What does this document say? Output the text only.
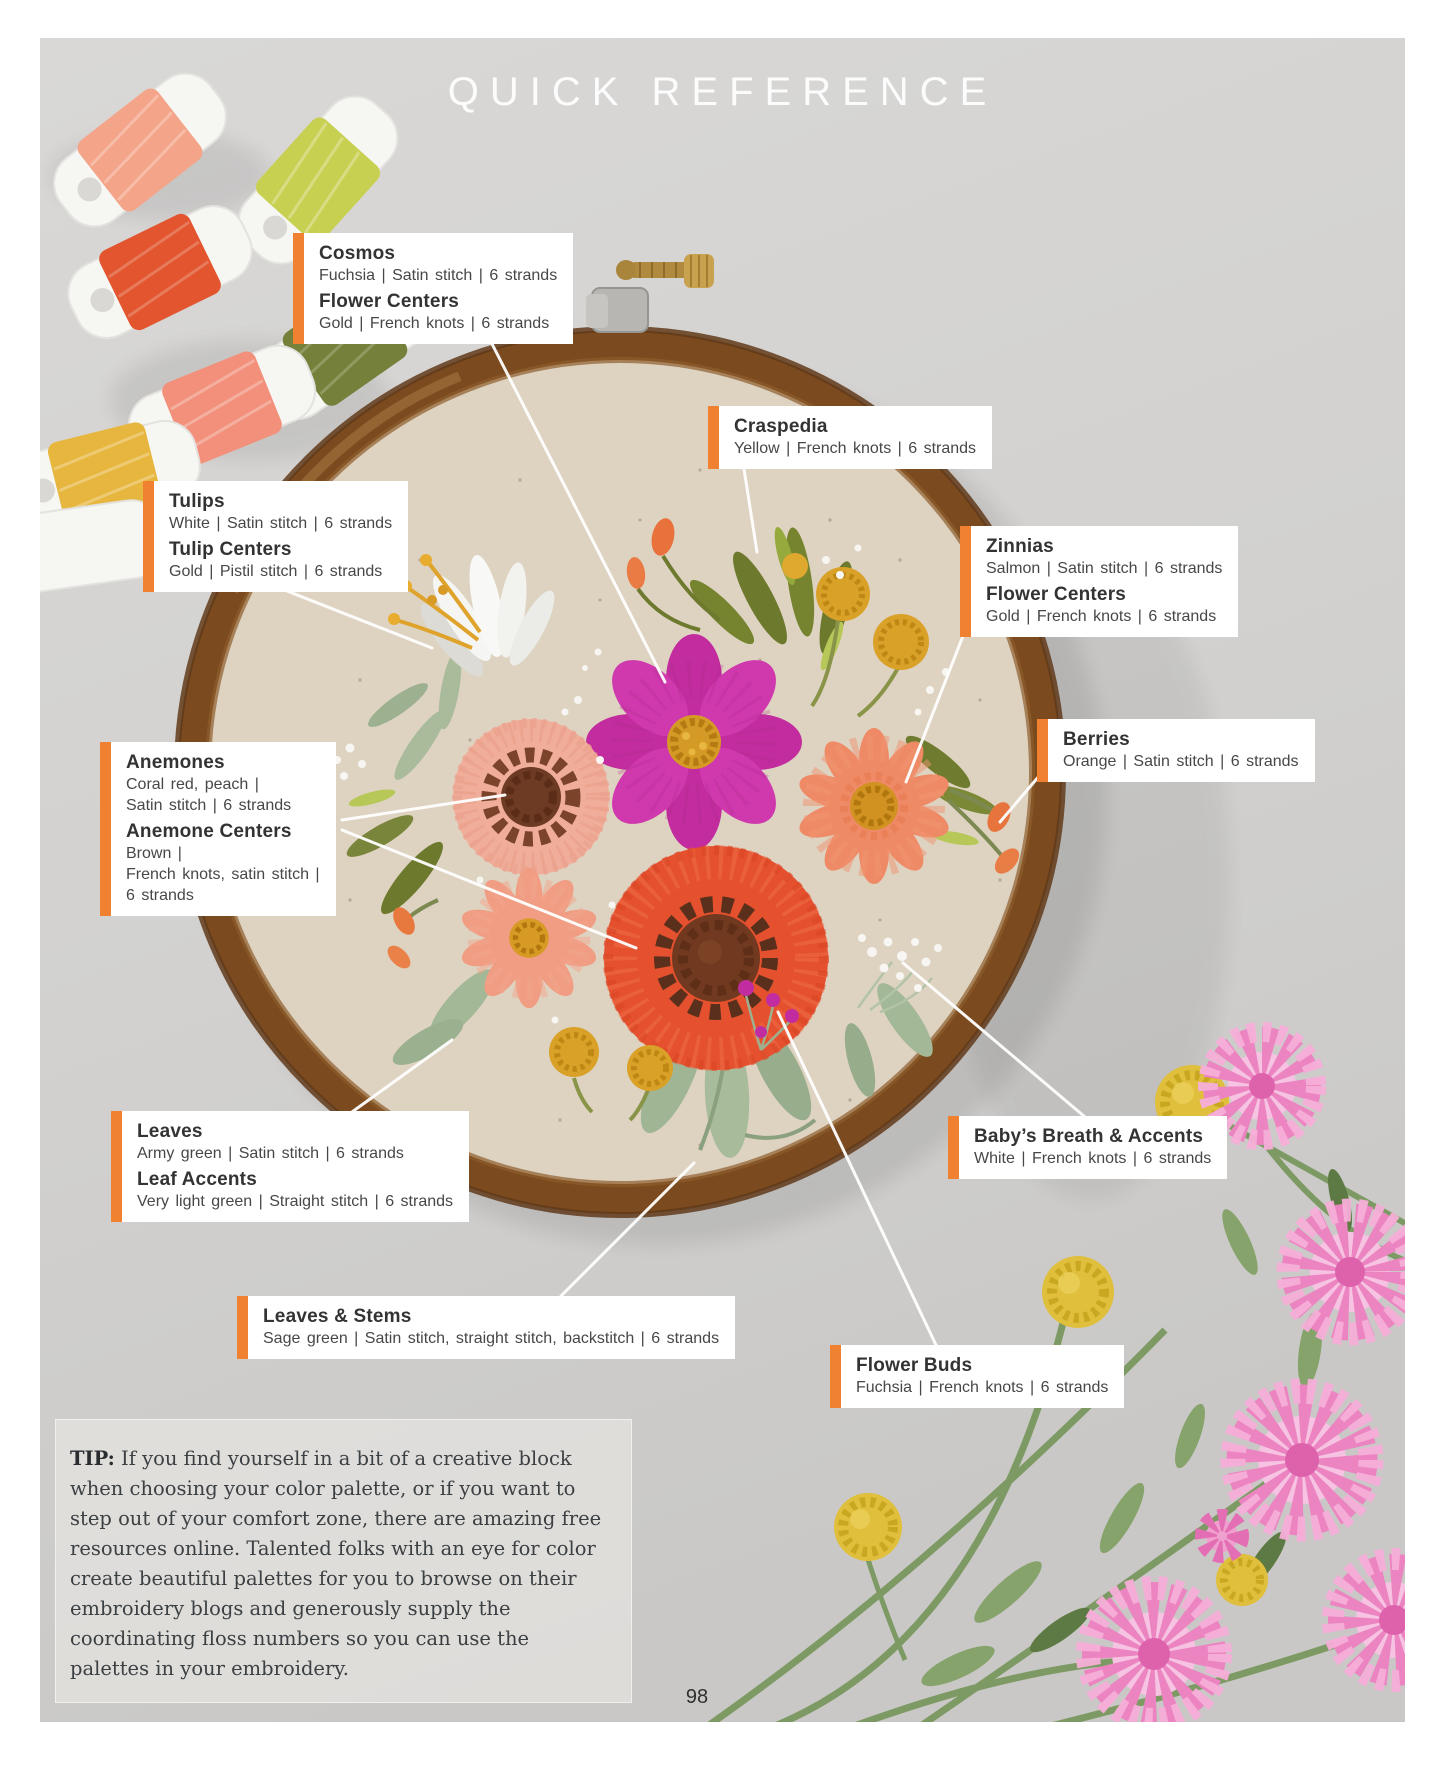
QUICK REFERENCE
Cosmos
Fuchsia | Satin stitch | 6 strands
Flower Centers
Gold | French knots | 6 strands
Craspedia
Yellow | French knots | 6 strands
Tulips
White | Satin stitch | 6 strands
Tulip Centers
Gold | Pistil stitch | 6 strands
Zinnias
Salmon | Satin stitch | 6 strands
Flower Centers
Gold | French knots | 6 strands
Anemones
Coral red, peach |
Satin stitch | 6 strands
Anemone Centers
Brown |
French knots, satin stitch |
6 strands
Berries
Orange | Satin stitch | 6 strands
Leaves
Army green | Satin stitch | 6 strands
Leaf Accents
Very light green | Straight stitch | 6 strands
Baby’s Breath & Accents
White | French knots | 6 strands
Leaves & Stems
Sage green | Satin stitch, straight stitch, backstitch | 6 strands
Flower Buds
Fuchsia | French knots | 6 strands
TIP: If you find yourself in a bit of a creative block when choosing your color palette, or if you want to step out of your comfort zone, there are amazing free resources online. Talented folks with an eye for color create beautiful palettes for you to browse on their embroidery blogs and generously supply the coordinating floss numbers so you can use the palettes in your embroidery.
98
